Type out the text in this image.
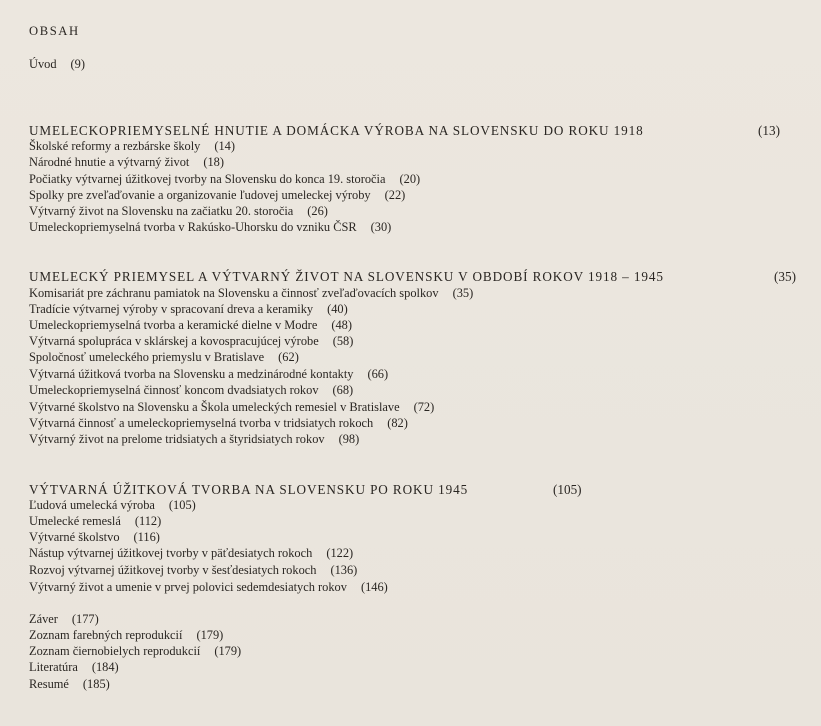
OBSAH
Úvod (9)
UMELECKOPRIEMYSELNÉ HNUTIE A DOMÁCKA VÝROBA NA SLOVENSKU DO ROKU 1918	(13)
Školské reformy a rezbárske školy (14)
Národné hnutie a výtvarný život (18)
Počiatky výtvarnej úžitkovej tvorby na Slovensku do konca 19. storočia (20)
Spolky pre zveľaďovanie a organizovanie ľudovej umeleckej výroby (22)
Výtvarný život na Slovensku na začiatku 20. storočia (26)
Umeleckopriemyselná tvorba v Rakúsko-Uhorsku do vzniku ČSR (30)
UMELECKÝ PRIEMYSEL A VÝTVARNÝ ŽIVOT NA SLOVENSKU V OBDOBÍ ROKOV 1918 – 1945	(35)
Komisariát pre záchranu pamiatok na Slovensku a činnosť zveľaďovacích spolkov (35)
Tradície výtvarnej výroby v spracovaní dreva a keramiky (40)
Umeleckopriemyselná tvorba a keramické dielne v Modre (48)
Výtvarná spolupráca v sklárskej a kovospracujúcej výrobe (58)
Spoločnosť umeleckého priemyslu v Bratislave (62)
Výtvarná úžitková tvorba na Slovensku a medzinárodné kontakty (66)
Umeleckopriemyselná činnosť koncom dvadsiatych rokov (68)
Výtvarné školstvo na Slovensku a Škola umeleckých remesiel v Bratislave (72)
Výtvarná činnosť a umeleckopriemyselná tvorba v tridsiatych rokoch (82)
Výtvarný život na prelome tridsiatych a štyridsiatych rokov (98)
VÝTVARNÁ ÚŽITKOVÁ TVORBA NA SLOVENSKU PO ROKU 1945	(105)
Ľudová umelecká výroba (105)
Umelecké remeslá (112)
Výtvarné školstvo (116)
Nástup výtvarnej úžitkovej tvorby v päťdesiatych rokoch (122)
Rozvoj výtvarnej úžitkovej tvorby v šesťdesiatych rokoch (136)
Výtvarný život a umenie v prvej polovici sedemdesiatych rokov (146)
Záver (177)
Zoznam farebných reprodukcií (179)
Zoznam čiernobielych reprodukcií (179)
Literatúra (184)
Resumé (185)
